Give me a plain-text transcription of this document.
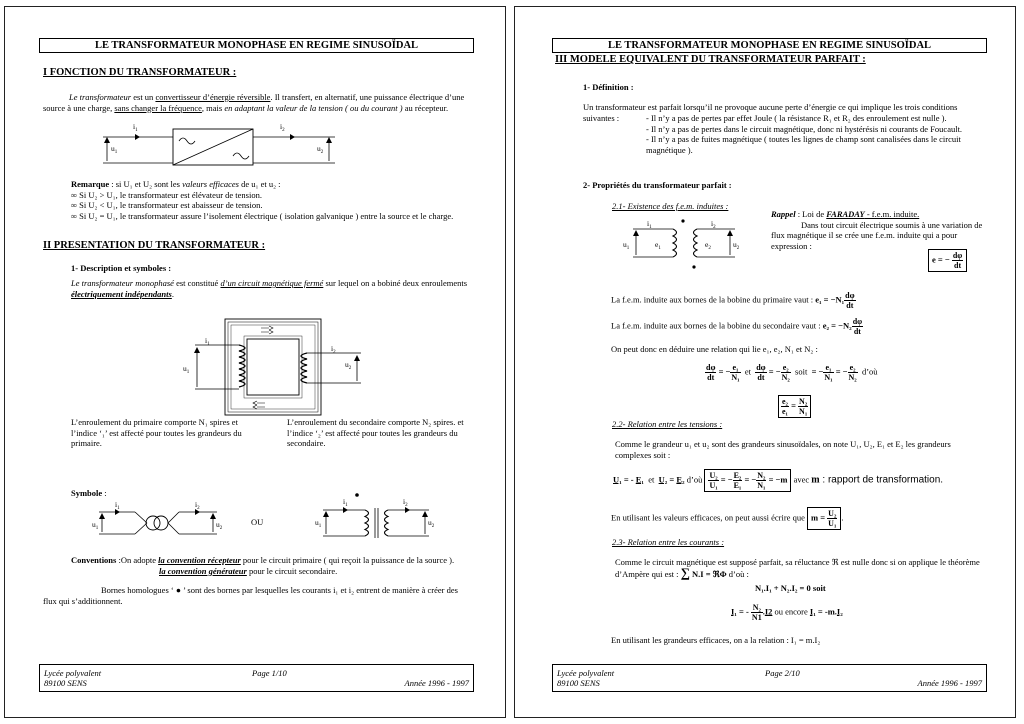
LE TRANSFORMATEUR MONOPHASE EN REGIME SINUSOÏDAL
I FONCTION DU TRANSFORMATEUR :
Le transformateur est un convertisseur d’énergie réversible. Il transfert, en alternatif, une puissance électrique d’une source à une charge, sans changer la fréquence, mais en adaptant la valeur de la tension ( ou du courant ) au récepteur.
$i_1$
$u_1$
$i_2$
$u_2$
Remarque : si U₁ et U₂ sont les valeurs efficaces de u₁ et u₂ :
∞ Si U₂ > U₁, le transformateur est élévateur de tension.
∞ Si U₂ < U₁, le transformateur est abaisseur de tension.
∞ Si U₂ = U₁, le transformateur assure l’isolement électrique ( isolation galvanique ) entre la source et le charge.
II PRESENTATION DU TRANSFORMATEUR :
1- Description et symboles :
Le transformateur monophasé est constitué d’un circuit magnétique fermé sur lequel on a bobiné deux enroulements électriquement indépendants.
$i_1$
$u_1$
$i_2$
$u_2$
L’enroulement du primaire comporte N₁ spires et l’indice ‘₁’ est affecté pour toutes les grandeurs du primaire.
L’enroulement du secondaire comporte N₂ spires. et l’indice ‘₂’ est affecté pour toutes les grandeurs du secondaire.
Symbole :
$i_1$
$u_1$
$i_2$
$u_2$
OU
$i_1$
$u_1$
$i_2$
$u_2$
Conventions :On adopte la convention récepteur pour le circuit primaire ( qui reçoit la puissance de la source ).
la convention générateur pour le circuit secondaire.
Bornes homologues ‘ ● ’ sont des bornes par lesquelles les courants i₁ et i₂ entrent de manière à créer des flux qui s’additionnent.
Lycée polyvalent
89100 SENS
Page 1/10
Année 1996 - 1997
LE TRANSFORMATEUR MONOPHASE EN REGIME SINUSOÏDAL
III MODELE EQUIVALENT DU TRANSFORMATEUR PARFAIT :
1- Définition :
Un transformateur est parfait lorsqu’il ne provoque aucune perte d’énergie ce qui implique les trois conditions suivantes :	- Il n’y a pas de pertes par effet Joule ( la résistance R₁ et R₂ des enroulement est nulle ).
- Il n’y a pas de pertes dans le circuit magnétique, donc ni hystérésis ni courants de Foucault.
- Il n’y a pas de fuites magnétique ( toutes les lignes de champ sont canalisées dans le circuit magnétique ).
2- Propriétés du transformateur parfait :
2.1- Existence des f.e.m. induites :
$i_1$
$u_1$	$e_1$
$i_2$
$e_2$	$u_2$
Rappel : Loi de FARADAY - f.e.m. induite.
Dans tout circuit électrique soumis à une variation de flux magnétique il se crée une f.e.m. induite qui a pour expression :
e = − $\frac{d\varphi}{dt}$
La f.e.m. induite aux bornes de la bobine du primaire vaut : $e_1 = -N_1 \frac{d\varphi}{dt}$
La f.e.m. induite aux bornes de la bobine du secondaire vaut : $e_2 = -N_2 \frac{d\varphi}{dt}$
On peut donc en déduire une relation qui lie e₁, e₂, N₁ et N₂ :
$\frac{d\varphi}{dt}$ = − $\frac{\text{e₁}}{\text{N₁}}$ et $\frac{d\varphi}{dt}$ = − $\frac{\text{e₂}}{\text{N₂}}$ soit = − $\frac{\text{e₁}}{\text{N₁}}$ = − $\frac{\text{e₂}}{\text{N₂}}$ d’où
$\frac{\text{e₂}}{\text{e₁}} = \frac{\text{N₂}}{\text{N₁}}$
2.2- Relation entre les tensions :
Comme le grandeur u₁ et u₂ sont des grandeurs sinusoïdales, on note U₁, U₂, E₁ et E₂ les grandeurs complexes soit :
U₁ = - E₁  et  U₂ = E₂ d’où $\frac{\text{U₂}}{\text{U₁}}$ = − $\frac{\text{E₂}}{\text{E₁}}$ = − $\frac{\text{N₂}}{\text{N₁}} = -m$ avec m : rapport de transformation.
En utilisant les valeurs efficaces, on peut aussi écrire que $m = \frac{\text{U₂}}{\text{U₁}}$ .
2.3- Relation entre les courants :
Comme le circuit magnétique est supposé parfait, sa réluctance ℜ est nulle donc si on applique le théorème d’Ampère qui est : ∑ N.I = ℜΦ d’où :
N₁.I₁ + N₂.I₂ = 0 soit
I₁ = - $\frac{\text{N₂}}{N1} .I2$ ou encore I₁ = -m.I₂
En utilisant les grandeurs efficaces, on a la relation : I₁ = m.I₂
Lycée polyvalent
89100 SENS
Page 2/10
Année 1996 - 1997
